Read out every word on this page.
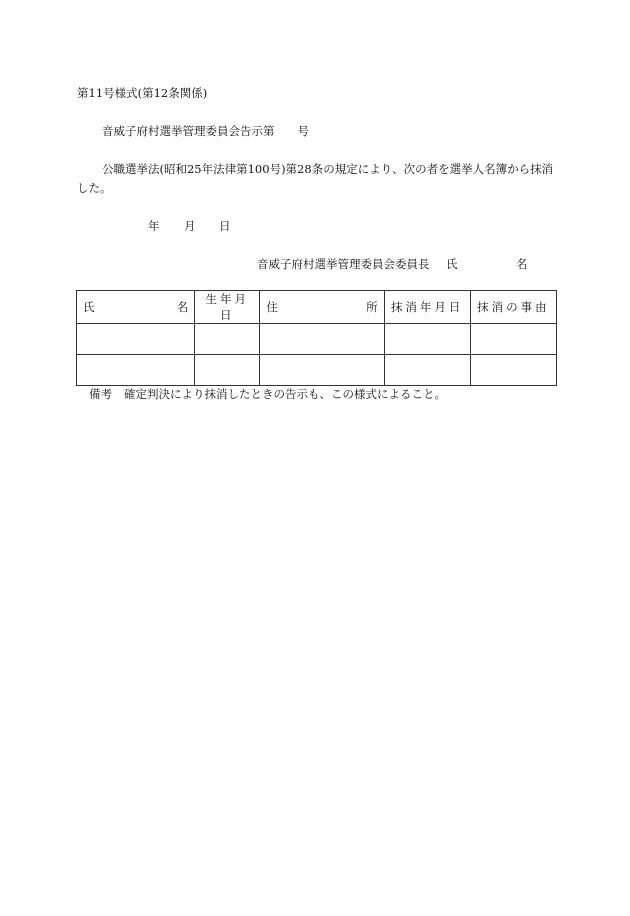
第11号様式(第12条関係)
音威子府村選挙管理委員会告示第　　号
公職選挙法(昭和25年法律第100号)第28条の規定により、次の者を選挙人名簿から抹消
した。
年 月 日
音威子府村選挙管理委員会委員長 氏	名
氏 名	生年月日	住 所	抹消年月日	抹消の事由

備考 確定判決により抹消したときの告示も、この様式によること。
